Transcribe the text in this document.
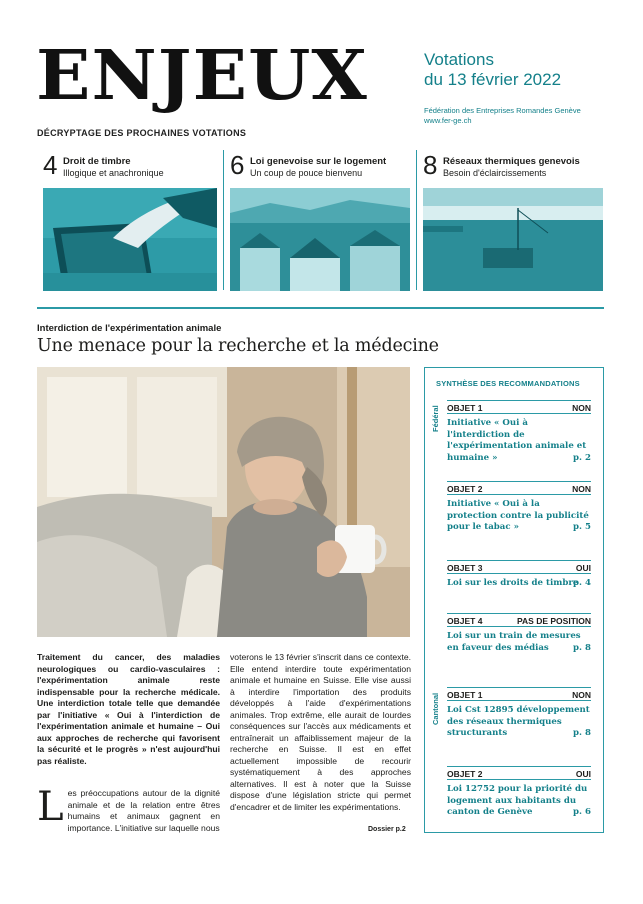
ENJEUX
DÉCRYPTAGE DES PROCHAINES VOTATIONS
Votations
du 13 février 2022
Fédération des Entreprises Romandes Genève
www.fer-ge.ch
4 Droit de timbre
Illogique et anachronique	6 Loi genevoise sur le logement
Un coup de pouce bienvenu 8 Réseaux thermiques genevois
Besoin d'éclaircissements
Interdiction de l'expérimentation animale
Une menace pour la recherche et la médecine
Traitement du cancer, des maladies neurologiques ou cardio-vasculaires : l'expérimentation animale reste indispensable pour la recherche médicale. Une interdiction totale telle que demandée par l'initiative « Oui à l'interdiction de l'expérimentation animale et humaine – Oui aux approches de recherche qui favorisent la sécurité et le progrès » n'est aujourd'hui pas réaliste.
L es préoccupations autour de la dignité animale et de la relation entre êtres humains et animaux gagnent en importance. L'initiative sur laquelle nous
voterons le 13 février s'inscrit dans ce contexte. Elle entend interdire toute expérimentation animale et humaine en Suisse. Elle vise aussi à interdire l'importation des produits développés à l'aide d'expérimentations animales. Trop extrême, elle aurait de lourdes conséquences sur l'accès aux médicaments et entraînerait un affaiblissement majeur de la recherche en Suisse. Il est en effet actuellement impossible de recourir systématiquement à des approches alternatives. Il est à noter que la Suisse dispose d'une législation stricte qui permet d'encadrer et de limiter les expérimentations.
Dossier p.2
SYNTHÈSE DES RECOMMANDATIONS
Fédéral
Cantonal
OBJET 1	NON
Initiative « Oui à l'interdiction de l'expérimentation animale et humaine »	p. 2
OBJET 2	NON
Initiative « Oui à la protection contre la publicité pour le tabac »	p. 5
OBJET 3	OUI
Loi sur les droits de timbre
p. 4
OBJET 4	PAS DE POSITION
Loi sur un train de mesures en faveur des médias	p. 8
OBJET 1	NON
Loi Cst 12895 développement des réseaux thermiques structurants	p. 8
OBJET 2	OUI
Loi 12752 pour la priorité du logement aux habitants du canton de Genève	p. 6
